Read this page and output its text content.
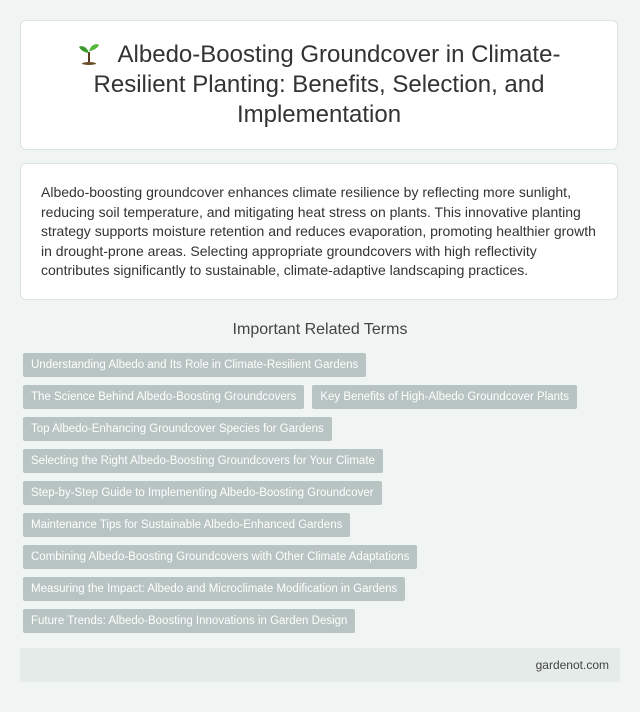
Albedo-Boosting Groundcover in Climate-Resilient Planting: Benefits, Selection, and Implementation

Albedo-boosting groundcover enhances climate resilience by reflecting more sunlight, reducing soil temperature, and mitigating heat stress on plants. This innovative planting strategy supports moisture retention and reduces evaporation, promoting healthier growth in drought-prone areas. Selecting appropriate groundcovers with high reflectivity contributes significantly to sustainable, climate-adaptive landscaping practices.

Important Related Terms
Understanding Albedo and Its Role in Climate-Resilient Gardens
The Science Behind Albedo-Boosting Groundcovers	Key Benefits of High-Albedo Groundcover Plants
Top Albedo-Enhancing Groundcover Species for Gardens
Selecting the Right Albedo-Boosting Groundcovers for Your Climate
Step-by-Step Guide to Implementing Albedo-Boosting Groundcover
Maintenance Tips for Sustainable Albedo-Enhanced Gardens
Combining Albedo-Boosting Groundcovers with Other Climate Adaptations
Measuring the Impact: Albedo and Microclimate Modification in Gardens
Future Trends: Albedo-Boosting Innovations in Garden Design
gardenot.com
